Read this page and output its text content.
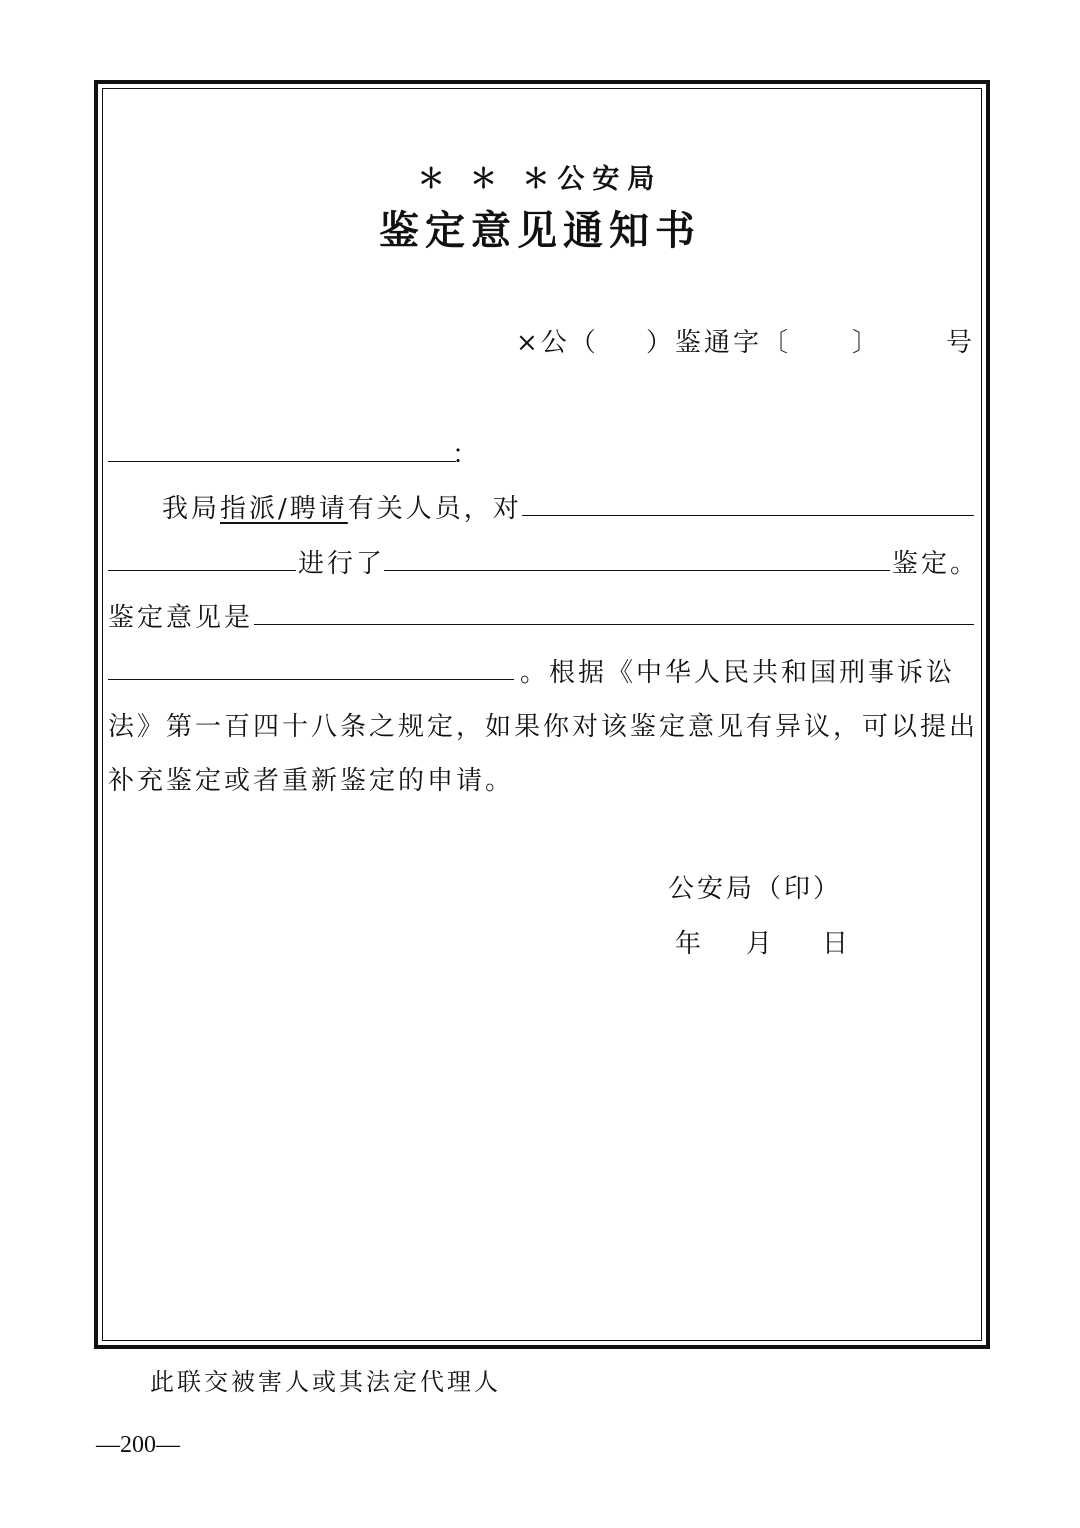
＊ ＊ ＊公安局
鉴定意见通知书
×公（ ）鉴通字〔 〕 号
：
我局指派/聘请有关人员，对
进行了	鉴定。
鉴定意见是
。根据《中华人民共和国刑事诉讼
法》第一百四十八条之规定，如果你对该鉴定意见有异议，可以提出
补充鉴定或者重新鉴定的申请。
公安局（印）
年 月 日
此联交被害人或其法定代理人
—200—
